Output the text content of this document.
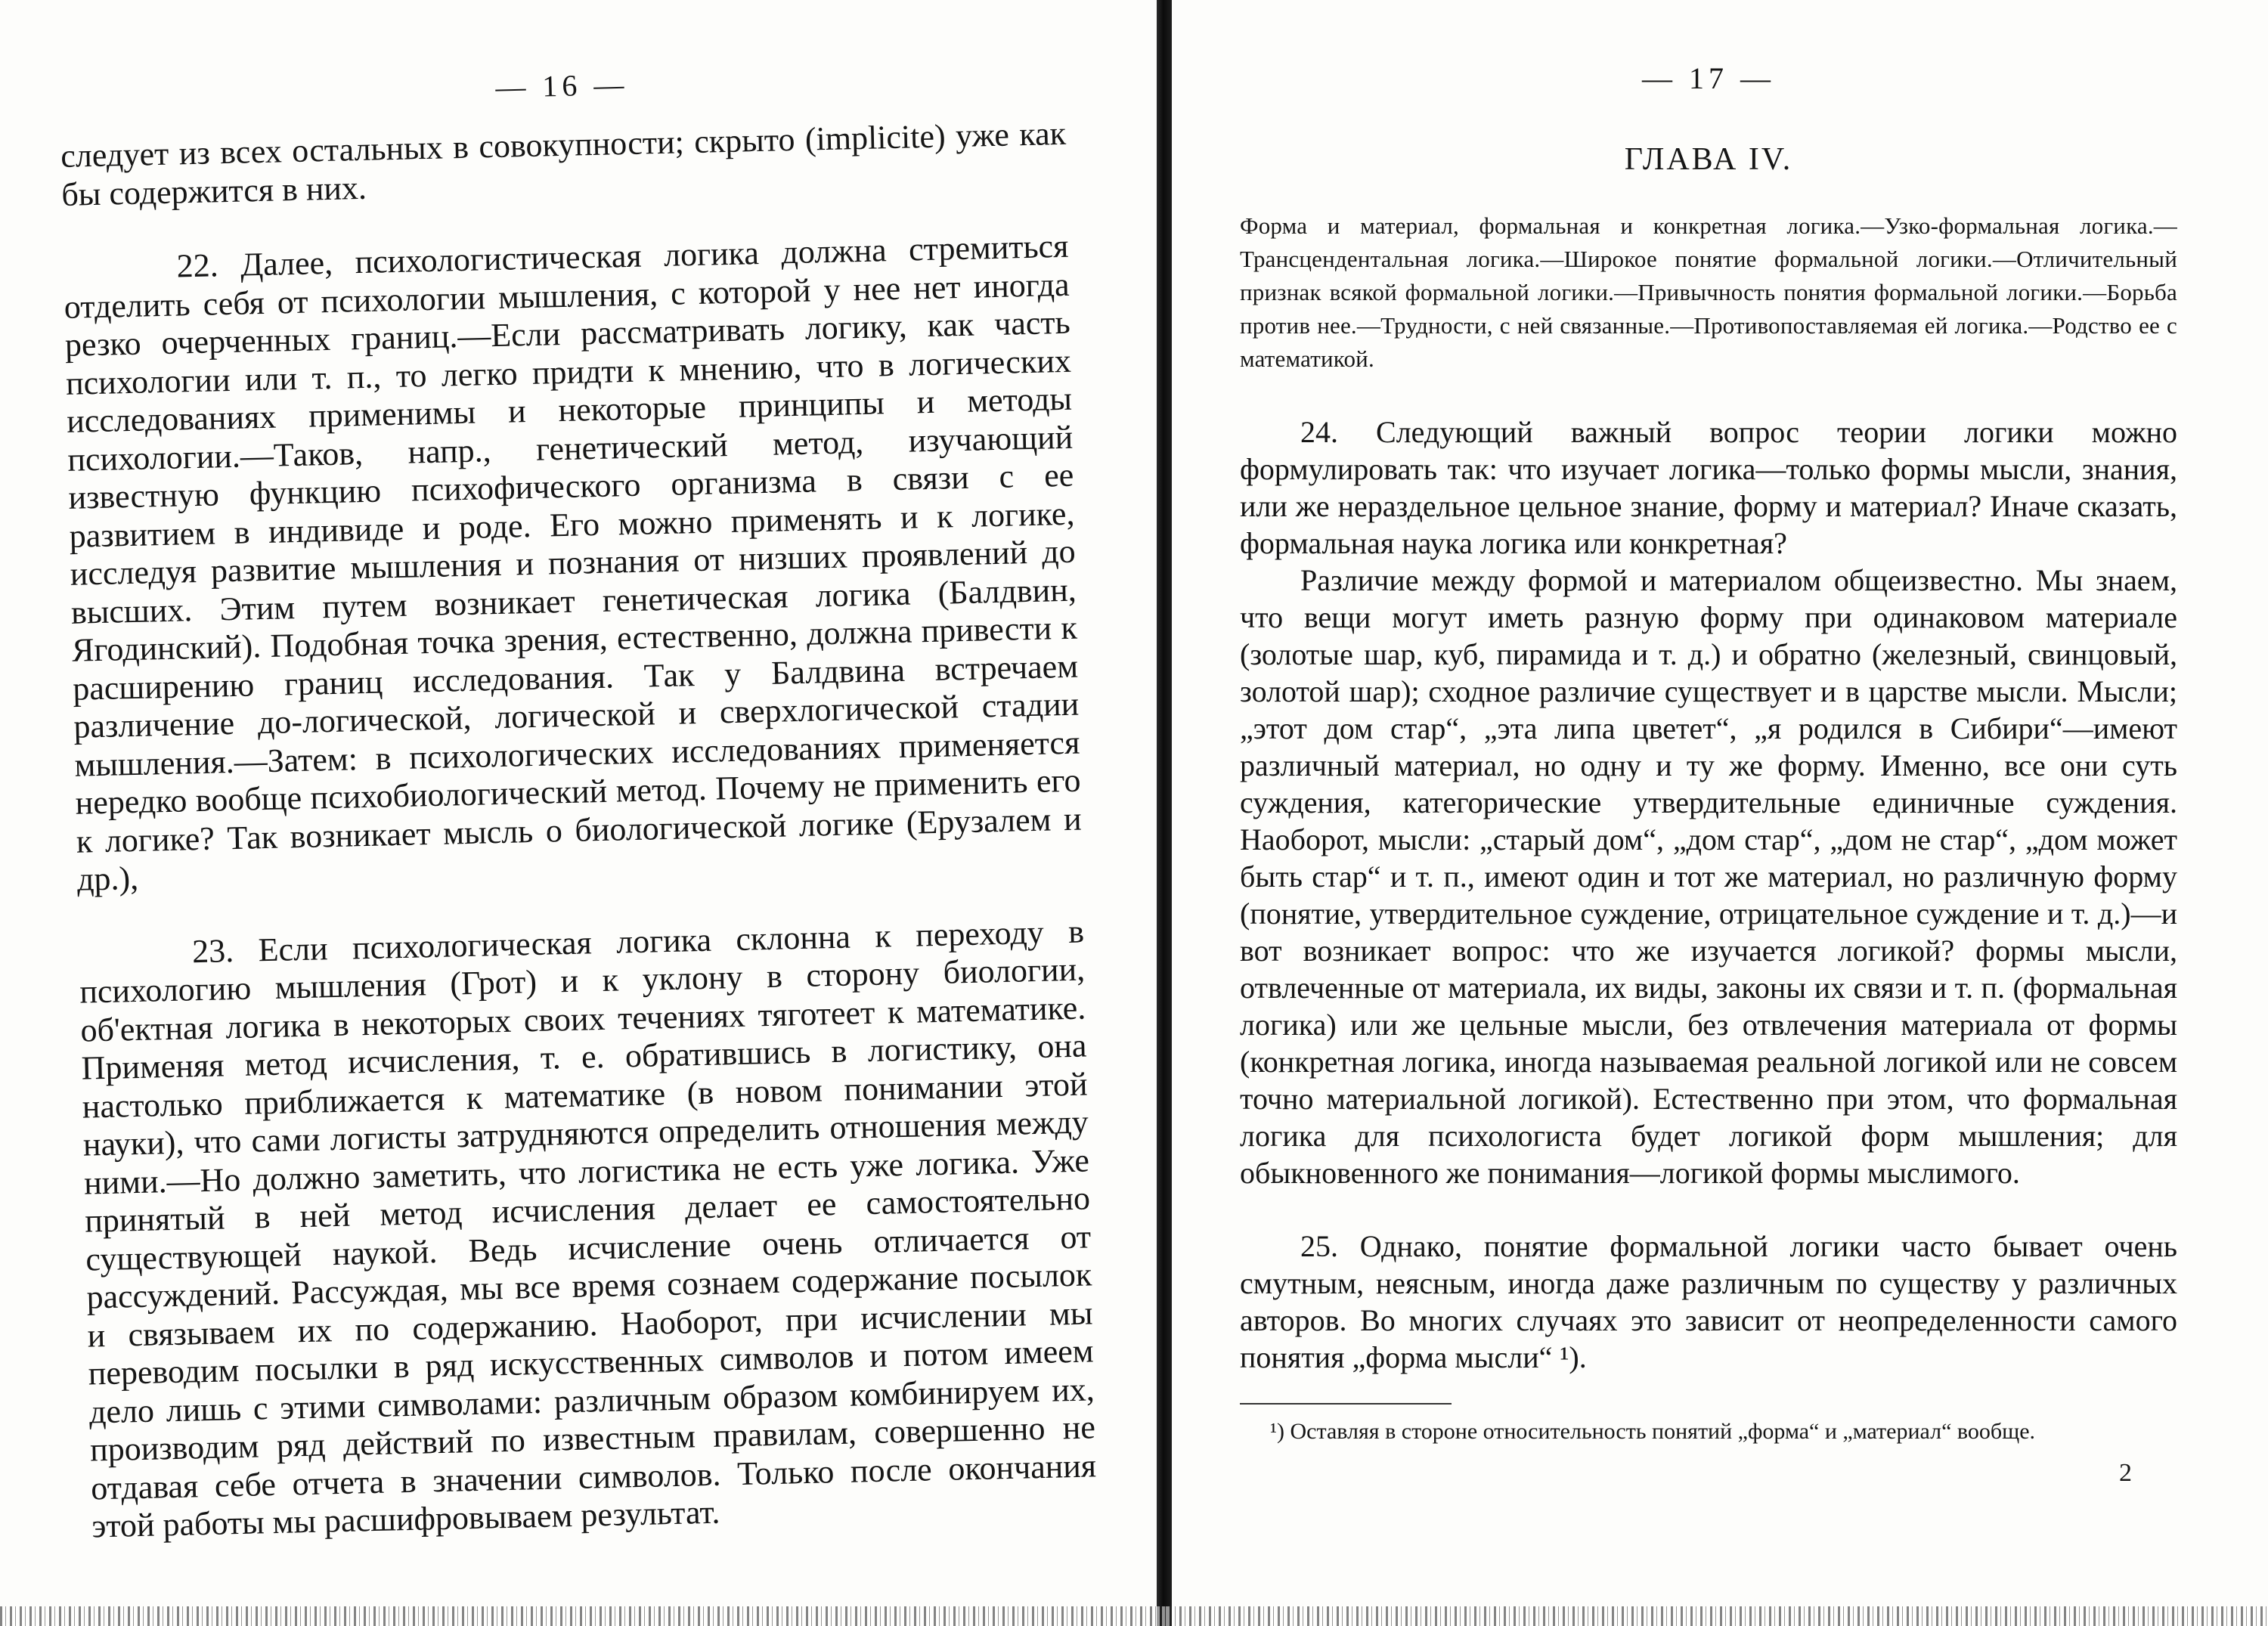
— 16 —

следует из всех остальных в совокупности; скрыто (implicite) уже как бы содержится в них.

22. Далее, психологистическая логика должна стремиться отделить себя от психологии мышления, с которой у нее нет иногда резко очерченных границ.—Если рассматривать логику, как часть психологии или т. п., то легко придти к мнению, что в логических исследованиях применимы и некоторые принципы и методы психологии.—Таков, напр., генетический метод, изучающий известную функцию психофического организма в связи с ее развитием в индивиде и роде. Его можно применять и к логике, исследуя развитие мышления и познания от низших проявлений до высших. Этим путем возникает генетическая логика (Балдвин, Ягодинский). Подобная точка зрения, естественно, должна привести к расширению границ исследования. Так у Балдвина встречаем различение до-логической, логической и сверхлогической стадии мышления.—Затем: в психологических исследованиях применяется нередко вообще психобиологический метод. Почему не применить его к логике? Так возникает мысль о биологической логике (Ерузалем и др.),

23. Если психологическая логика склонна к переходу в психологию мышления (Грот) и к уклону в сторону биологии, об'ектная логика в некоторых своих течениях тяготеет к математике. Применяя метод исчисления, т. е. обратившись в логистику, она настолько приближается к математике (в новом понимании этой науки), что сами логисты затрудняются определить отношения между ними.—Но должно заметить, что логистика не есть уже логика. Уже принятый в ней метод исчисления делает ее самостоятельно существующей наукой. Ведь исчисление очень отличается от рассуждений. Рассуждая, мы все время сознаем содержание посылок и связываем их по содержанию. Наоборот, при исчислении мы переводим посылки в ряд искусственных символов и потом имеем дело лишь с этими символами: различным образом комбинируем их, производим ряд действий по известным правилам, совершенно не отдавая себе отчета в значении символов. Только после окончания этой работы мы расшифровываем результат.

— 17 —
ГЛАВА IV.

Форма и материал, формальная и конкретная логика.—Узко-формальная логика.—Трансцендентальная логика.—Широкое понятие формальной логики.—Отличительный признак всякой формальной логики.—Привычность понятия формальной логики.—Борьба против нее.—Трудности, с ней связанные.—Противопоставляемая ей логика.—Родство ее с математикой.

24. Следующий важный вопрос теории логики можно формулировать так: что изучает логика—только формы мысли, знания, или же нераздельное цельное знание, форму и материал? Иначе сказать, формальная наука логика или конкретная?

Различие между формой и материалом общеизвестно. Мы знаем, что вещи могут иметь разную форму при одинаковом материале (золотые шар, куб, пирамида и т. д.) и обратно (железный, свинцовый, золотой шар); сходное различие существует и в царстве мысли. Мысли; „этот дом стар“, „эта липа цветет“, „я родился в Сибири“—имеют различный материал, но одну и ту же форму. Именно, все они суть суждения, категорические утвердительные единичные суждения. Наоборот, мысли: „старый дом“, „дом стар“, „дом не стар“, „дом может быть стар“ и т. п., имеют один и тот же материал, но различную форму (понятие, утвердительное суждение, отрицательное суждение и т. д.)—и вот возникает вопрос: что же изучается логикой? формы мысли, отвлеченные от материала, их виды, законы их связи и т. п. (формальная логика) или же цельные мысли, без отвлечения материала от формы (конкретная логика, иногда называемая реальной логикой или не совсем точно материальной логикой). Естественно при этом, что формальная логика для психологиста будет логикой форм мышления; для обыкновенного же понимания—логикой формы мыслимого.

25. Однако, понятие формальной логики часто бывает очень смутным, неясным, иногда даже различным по существу у различных авторов. Во многих случаях это зависит от неопределенности самого понятия „форма мысли“ ¹).

¹) Оставляя в стороне относительность понятий „форма“ и „материал“ вообще.

2
